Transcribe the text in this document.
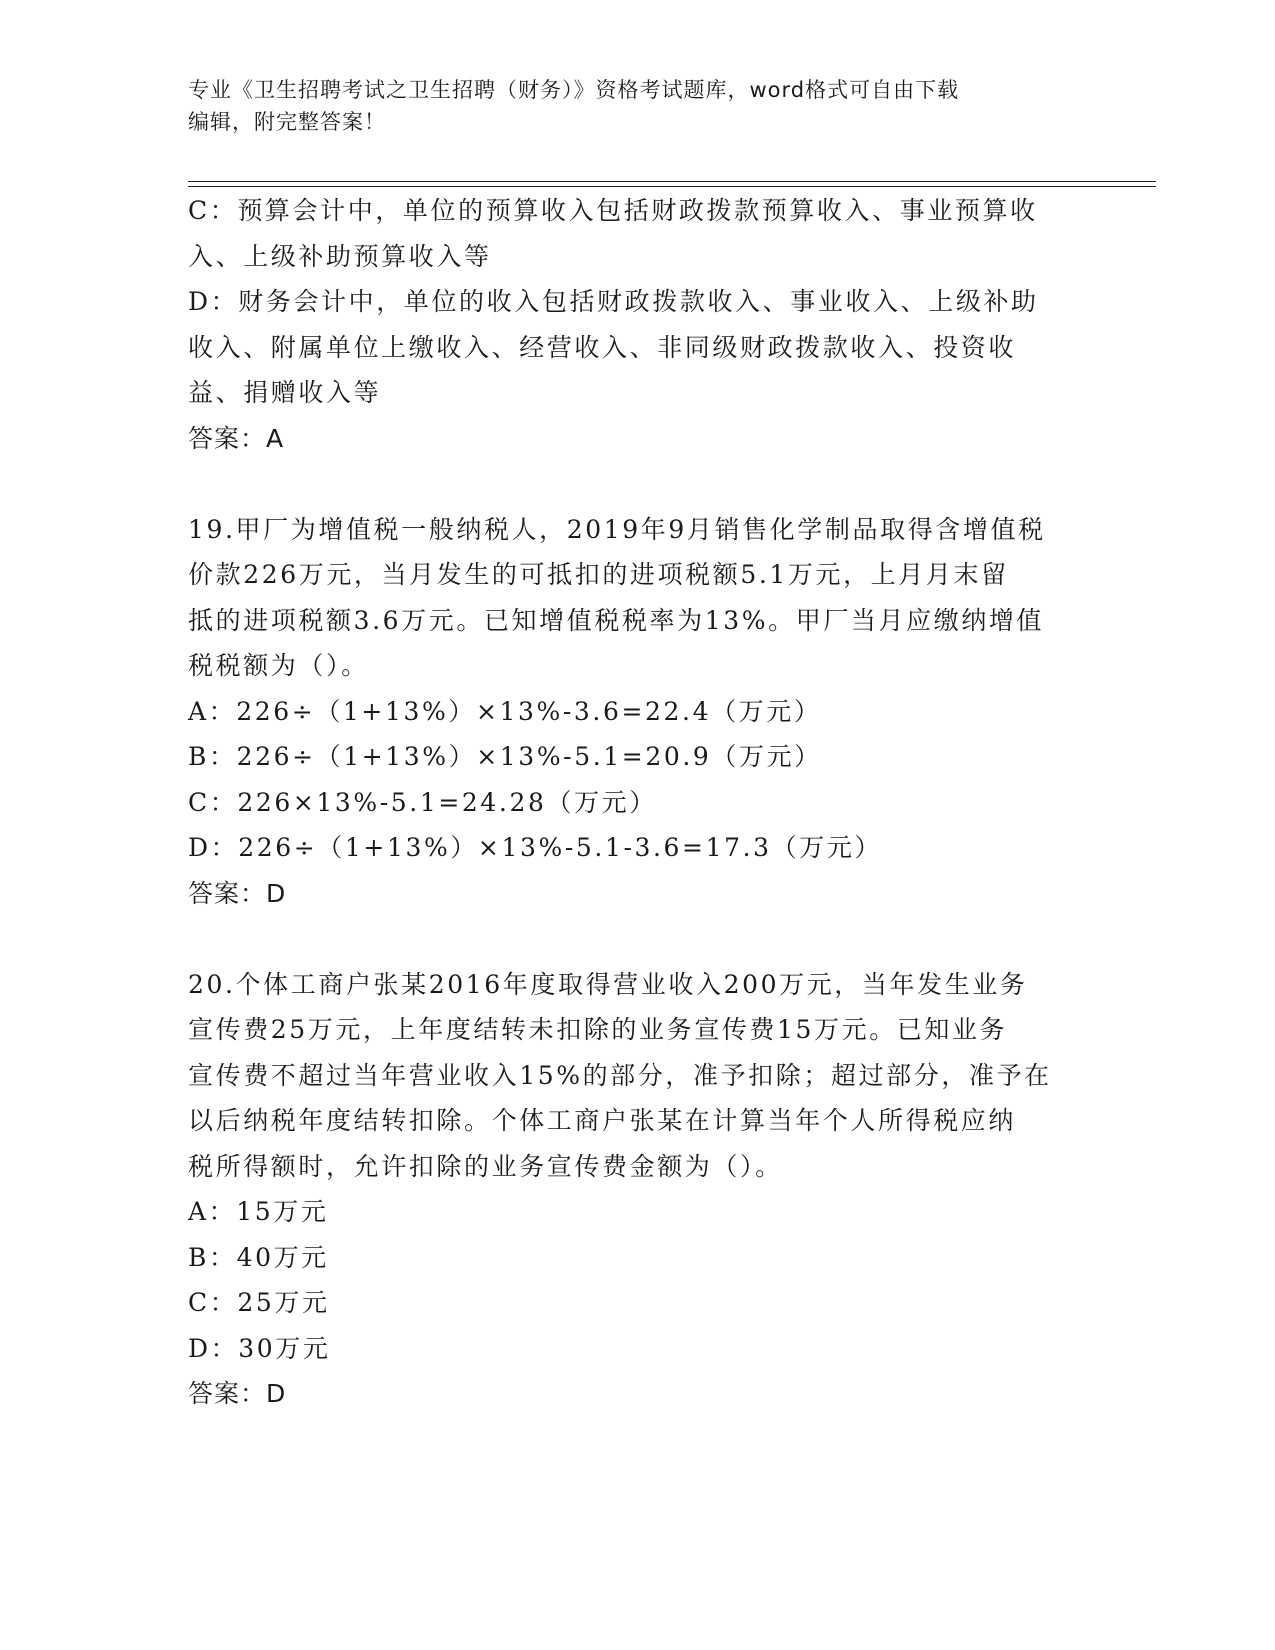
专业《卫生招聘考试之卫生招聘（财务）》资格考试题库，word格式可自由下载
编辑，附完整答案！
C：预算会计中，单位的预算收入包括财政拨款预算收入、事业预算收
入、上级补助预算收入等
D：财务会计中，单位的收入包括财政拨款收入、事业收入、上级补助
收入、附属单位上缴收入、经营收入、非同级财政拨款收入、投资收
益、捐赠收入等
答案：A
19.甲厂为增值税一般纳税人，2019年9月销售化学制品取得含增值税
价款226万元，当月发生的可抵扣的进项税额5.1万元，上月月末留
抵的进项税额3.6万元。已知增值税税率为13%。甲厂当月应缴纳增值
税税额为（）。
A：226÷（1+13%）×13%-3.6=22.4（万元）
B：226÷（1+13%）×13%-5.1=20.9（万元）
C：226×13%-5.1=24.28（万元）
D：226÷（1+13%）×13%-5.1-3.6=17.3（万元）
答案：D
20.个体工商户张某2016年度取得营业收入200万元，当年发生业务
宣传费25万元，上年度结转未扣除的业务宣传费15万元。已知业务
宣传费不超过当年营业收入15%的部分，准予扣除；超过部分，准予在
以后纳税年度结转扣除。个体工商户张某在计算当年个人所得税应纳
税所得额时，允许扣除的业务宣传费金额为（）。
A：15万元
B：40万元
C：25万元
D：30万元
答案：D
